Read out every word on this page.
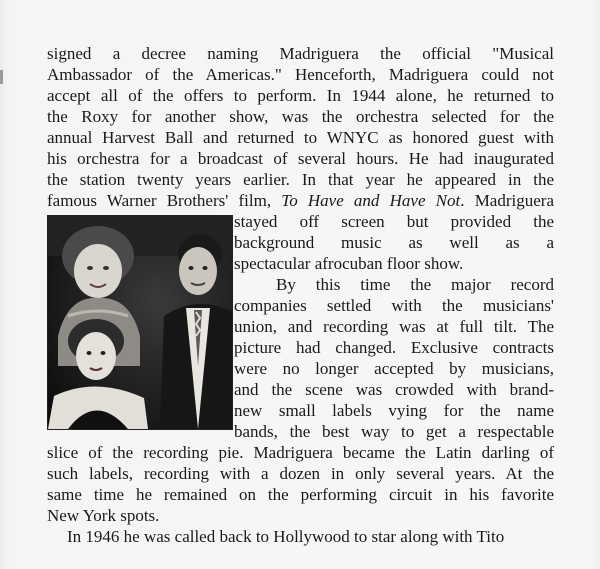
signed a decree naming Madriguera the official "Musical
Ambassador of the Americas." Henceforth, Madriguera could not
accept all of the offers to perform. In 1944 alone, he returned to
the Roxy for another show, was the orchestra selected for the
annual Harvest Ball and returned to WNYC as honored guest with
his orchestra for a broadcast of several hours. He had inaugurated
the station twenty years earlier. In that year he appeared in the
famous Warner Brothers' film, To Have and Have Not. Madriguera
stayed off screen but provided the
background music as well as a
spectacular afrocuban floor show.
By this time the major record
companies settled with the musicians'
union, and recording was at full tilt. The
picture had changed. Exclusive contracts
were no longer accepted by musicians,
and the scene was crowded with brand-
new small labels vying for the name
bands, the best way to get a respectable
slice of the recording pie. Madriguera became the Latin darling of
such labels, recording with a dozen in only several years. At the
same time he remained on the performing circuit in his favorite
New York spots.
In 1946 he was called back to Hollywood to star along with Tito
